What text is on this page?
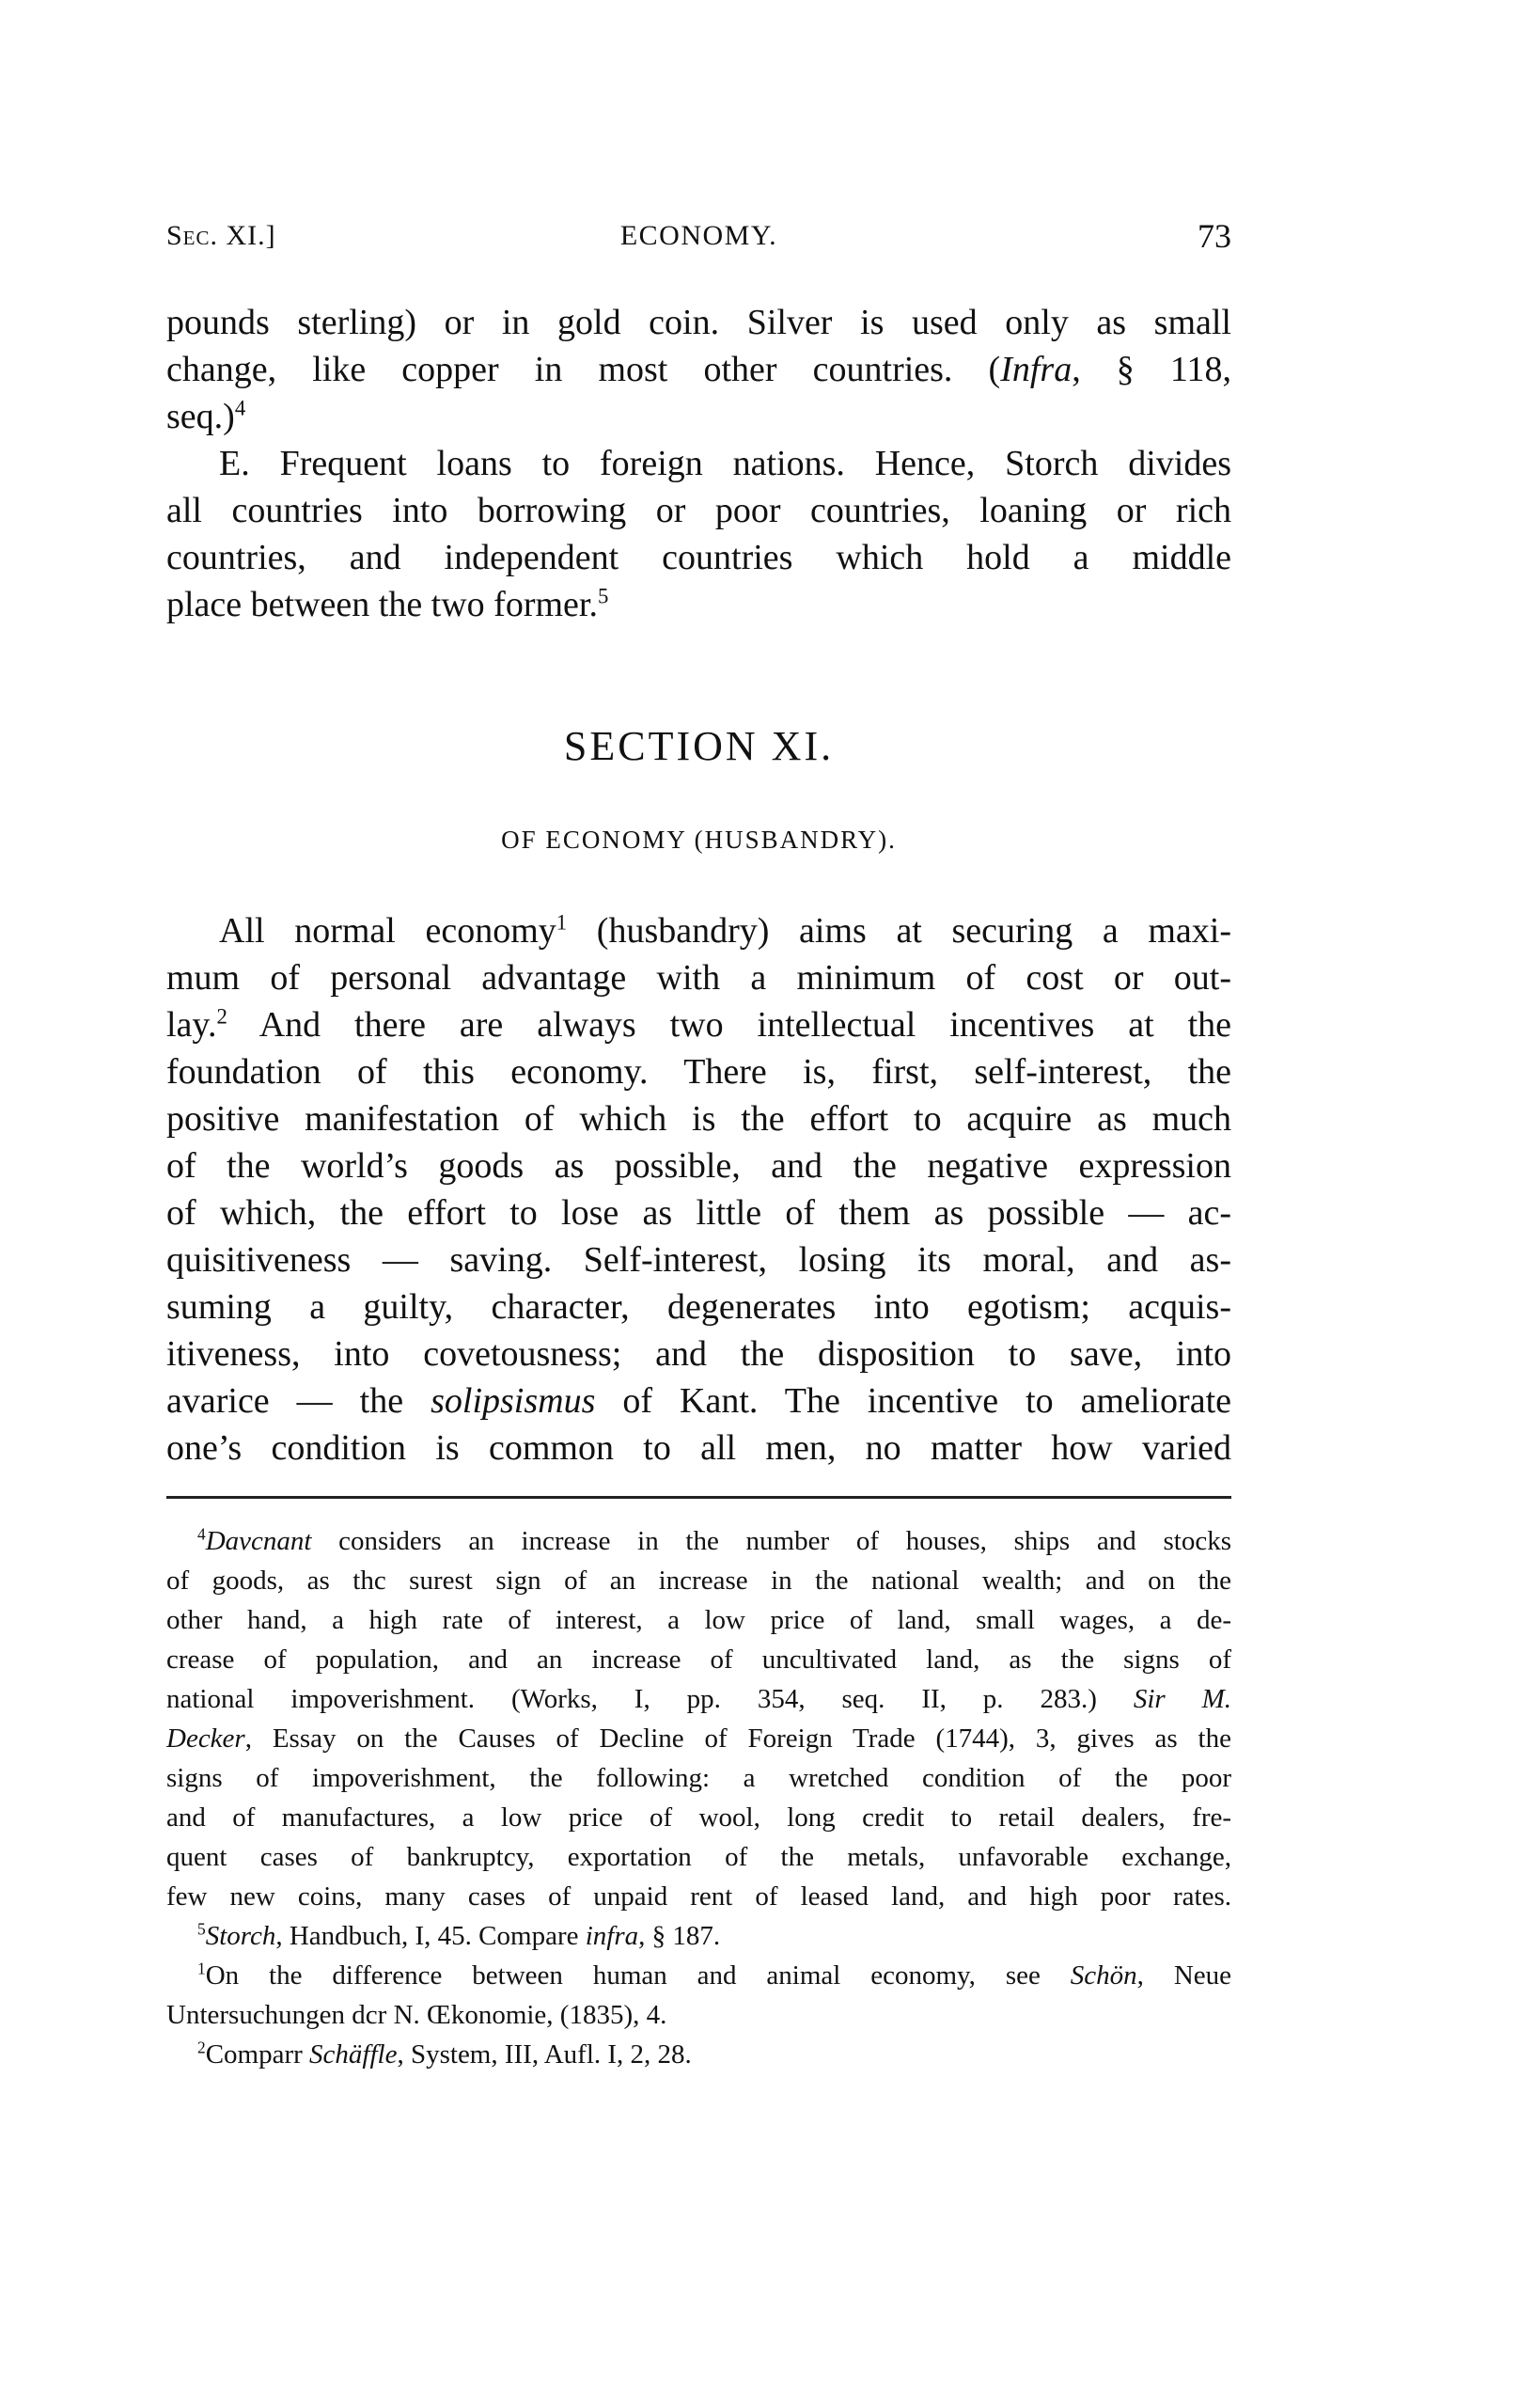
Sec. XI.]	ECONOMY.	73
pounds sterling) or in gold coin. Silver is used only as small
change, like copper in most other countries. (Infra, § 118,
seq.)$^4$
E. Frequent loans to foreign nations. Hence, Storch divides
all countries into borrowing or poor countries, loaning or rich
countries, and independent countries which hold a middle
place between the two former.$^5$
SECTION XI.
OF ECONOMY (HUSBANDRY).
All normal economy$^1$ (husbandry) aims at securing a maxi-
mum of personal advantage with a minimum of cost or out-
lay.$^2$ And there are always two intellectual incentives at the
foundation of this economy. There is, first, self-interest, the
positive manifestation of which is the effort to acquire as much
of the world’s goods as possible, and the negative expression
of which, the effort to lose as little of them as possible — ac-
quisitiveness — saving. Self-interest, losing its moral, and as-
suming a guilty, character, degenerates into egotism; acquis-
itiveness, into covetousness; and the disposition to save, into
avarice — the solipsismus of Kant. The incentive to ameliorate
one’s condition is common to all men, no matter how varied
$^4$Davcnant considers an increase in the number of houses, ships and stocks
of goods, as thc surest sign of an increase in the national wealth; and on the
other hand, a high rate of interest, a low price of land, small wages, a de-
crease of population, and an increase of uncultivated land, as the signs of
national impoverishment. (Works, I, pp. 354, seq. II, p. 283.) Sir M.
Decker, Essay on the Causes of Decline of Foreign Trade (1744), 3, gives as the
signs of impoverishment, the following: a wretched condition of the poor
and of manufactures, a low price of wool, long credit to retail dealers, fre-
quent cases of bankruptcy, exportation of the metals, unfavorable exchange,
few new coins, many cases of unpaid rent of leased land, and high poor rates.
$^5$Storch, Handbuch, I, 45. Compare infra, § 187.
$^1$On the difference between human and animal economy, see Schön, Neue
Untersuchungen dcr N. Œkonomie, (1835), 4.
$^2$Comparr Schäffle, System, III, Aufl. I, 2, 28.
